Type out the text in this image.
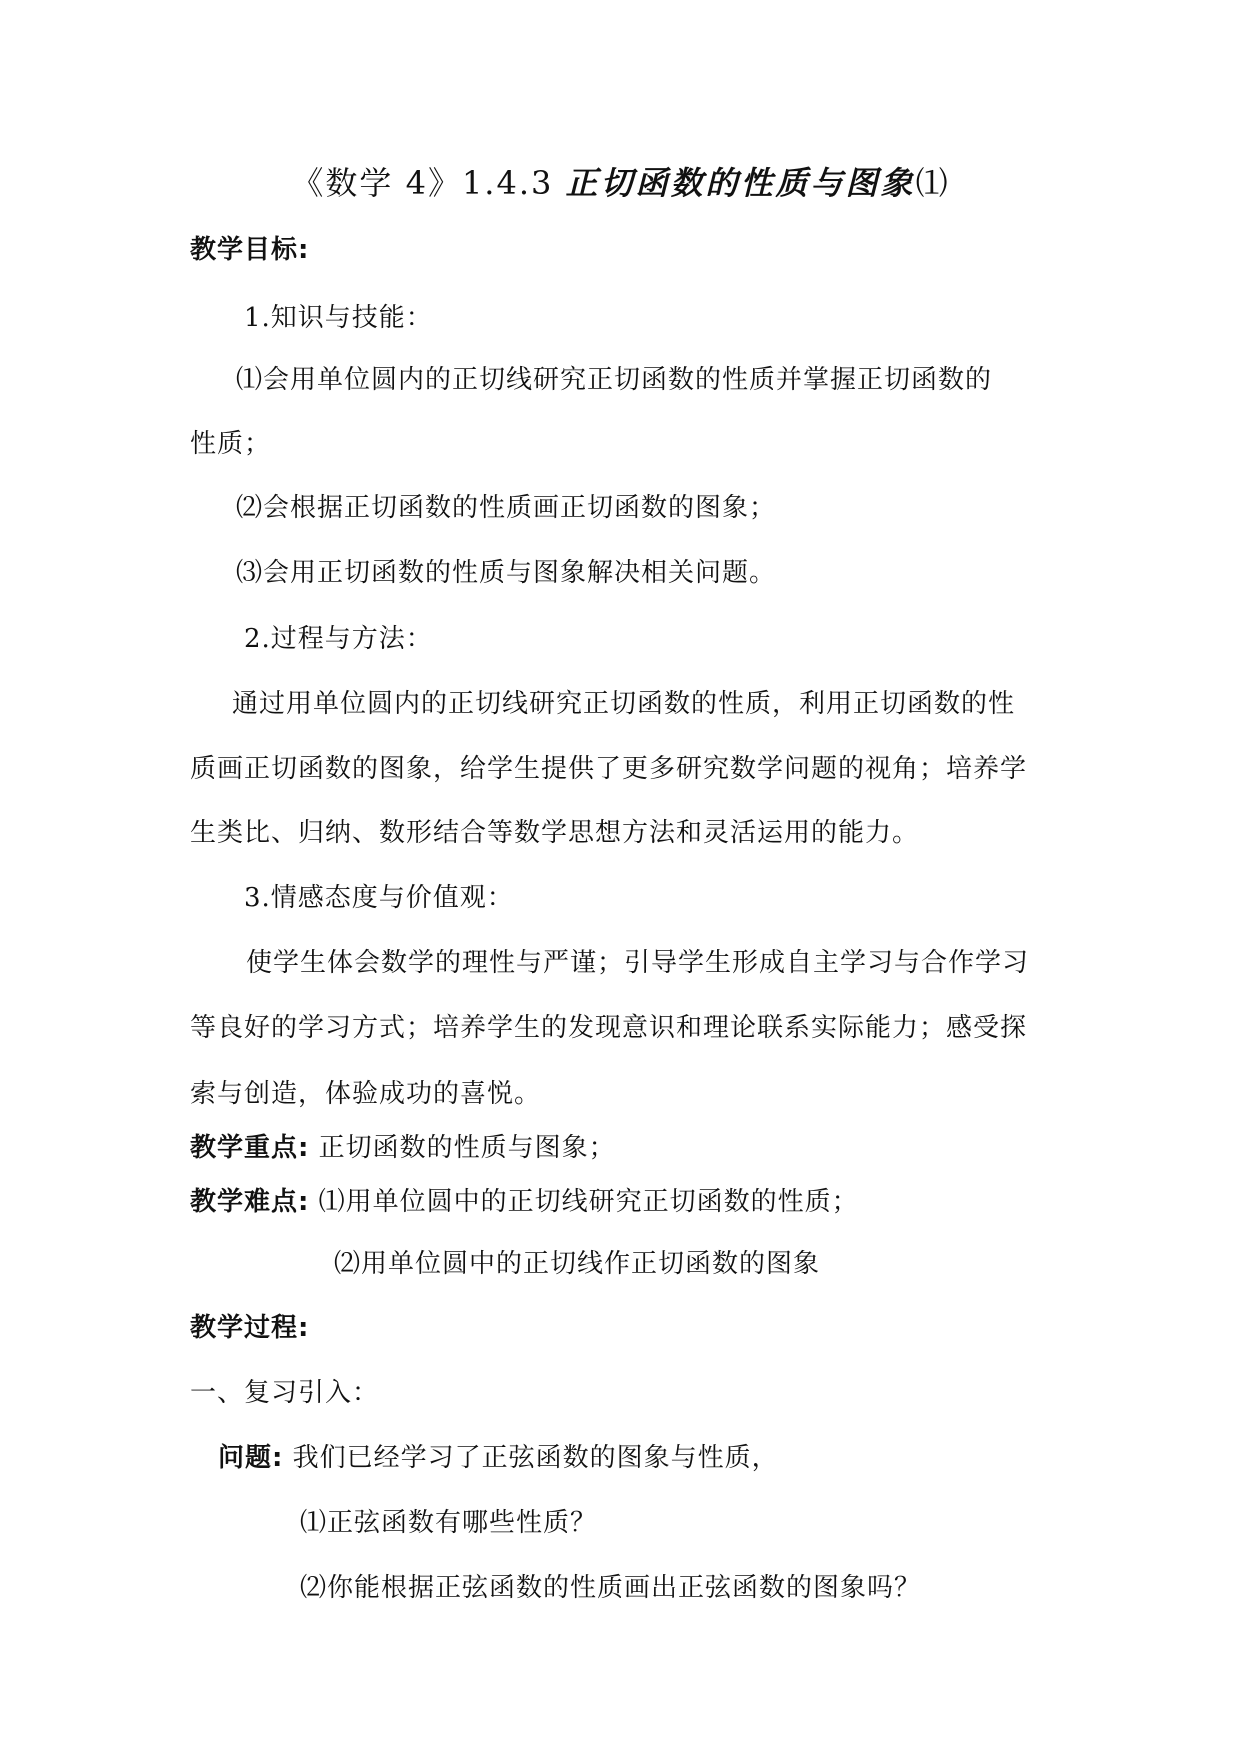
《数学 4》1.4.3 正切函数的性质与图象⑴
教学目标:
1.知识与技能：
⑴会用单位圆内的正切线研究正切函数的性质并掌握正切函数的
性质；
⑵会根据正切函数的性质画正切函数的图象；
⑶会用正切函数的性质与图象解决相关问题。
2.过程与方法：
通过用单位圆内的正切线研究正切函数的性质，利用正切函数的性
质画正切函数的图象，给学生提供了更多研究数学问题的视角；培养学
生类比、归纳、数形结合等数学思想方法和灵活运用的能力。
3.情感态度与价值观：
使学生体会数学的理性与严谨；引导学生形成自主学习与合作学习
等良好的学习方式；培养学生的发现意识和理论联系实际能力；感受探
索与创造，体验成功的喜悦。
教学重点: 正切函数的性质与图象；
教学难点: ⑴用单位圆中的正切线研究正切函数的性质；
⑵用单位圆中的正切线作正切函数的图象
教学过程:
一、复习引入：
问题: 我们已经学习了正弦函数的图象与性质，
⑴正弦函数有哪些性质？
⑵你能根据正弦函数的性质画出正弦函数的图象吗？
